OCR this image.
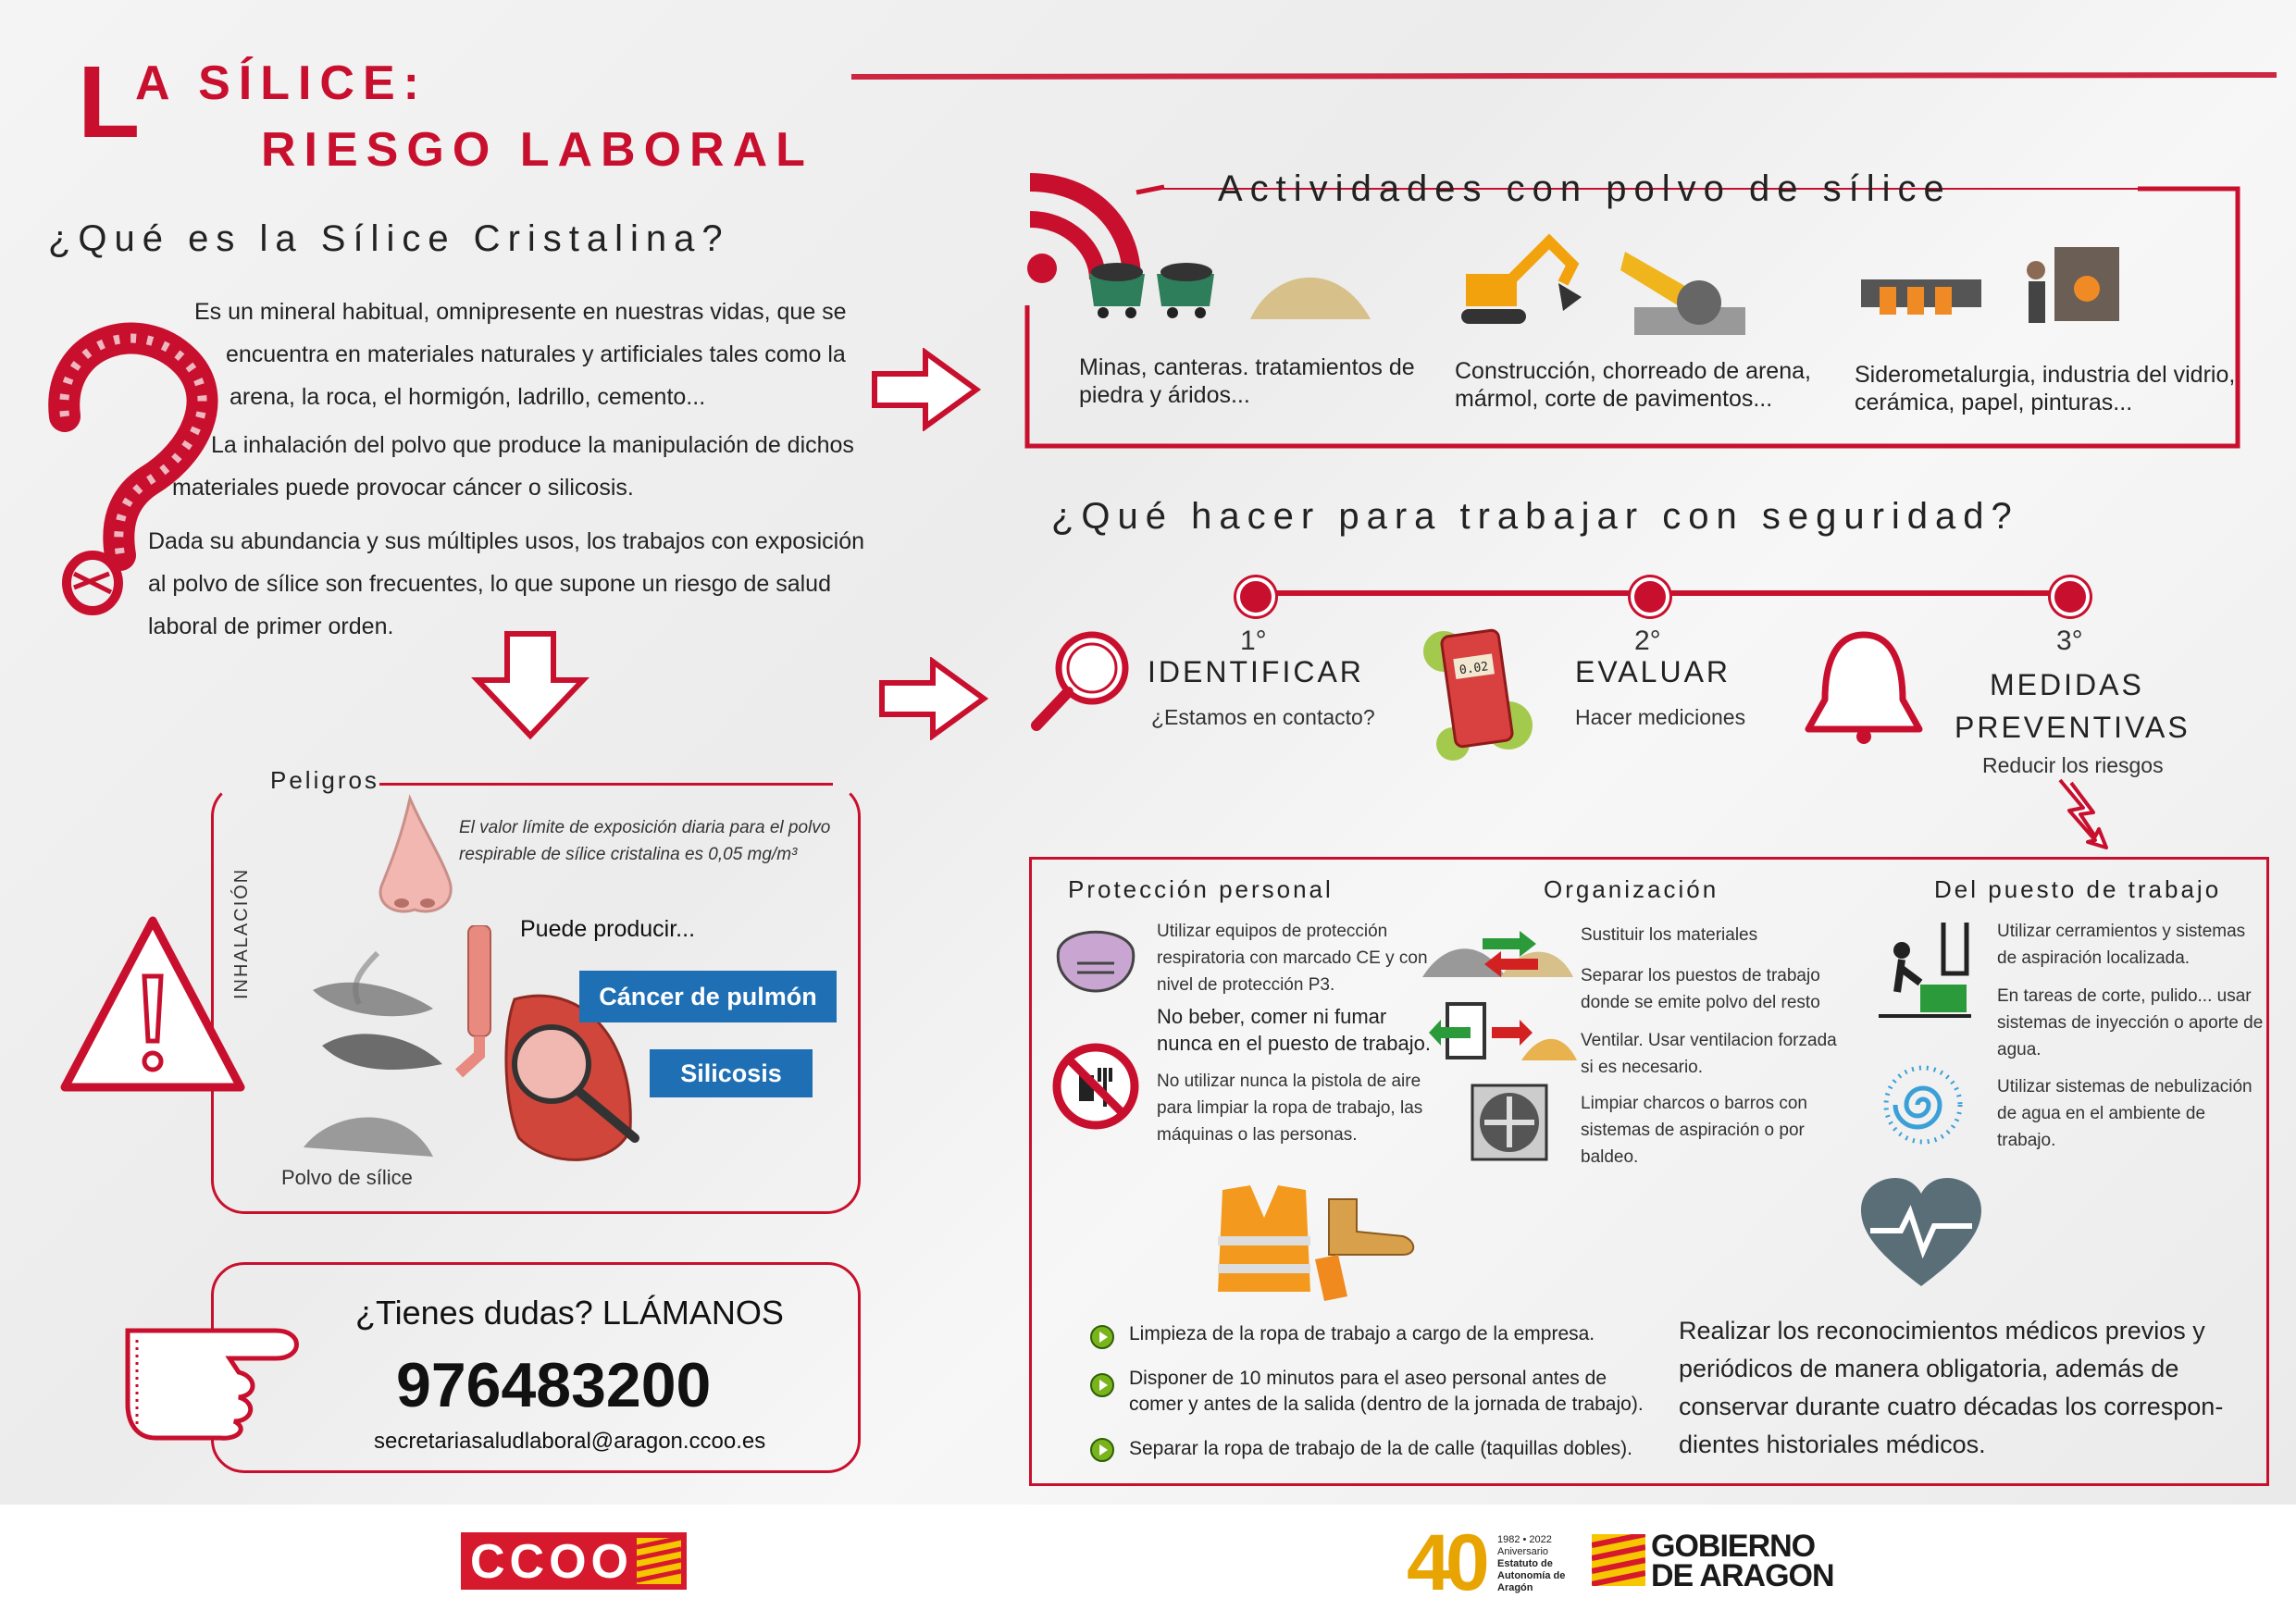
L
A SÍLICE:
RIESGO LABORAL
¿Qué es la Sílice Cristalina?
Es un mineral habitual, omnipresente en nuestras vidas, que se
encuentra en materiales naturales y artificiales tales como la
arena, la roca, el hormigón, ladrillo, cemento...
La inhalación del polvo que produce la manipulación de dichos
materiales puede provocar cáncer o silicosis.
Dada su abundancia y sus múltiples usos, los trabajos con exposición
al polvo de sílice son frecuentes, lo que supone un riesgo de salud
laboral de primer orden.
Peligros
El valor límite de exposición diaria para el polvo
respirable de sílice cristalina es 0,05 mg/m³
INHALACIÓN	Puede producir...
Cáncer de pulmón
Silicosis
Polvo de sílice
¿Tienes dudas? LLÁMANOS
976483200
secretariasaludlaboral@aragon.ccoo.es
Actividades con polvo de sílice
Minas, canteras. tratamientos de
piedra y áridos...
Construcción, chorreado de arena,
mármol, corte de pavimentos...
Siderometalurgia, industria del vidrio,
cerámica, papel, pinturas...
¿Qué hacer para trabajar con seguridad?
1°
IDENTIFICAR
¿Estamos en contacto?
0.02
2°
EVALUAR
Hacer mediciones
3°
MEDIDAS
PREVENTIVAS
Reducir los riesgos
Protección personal	Organización	Del puesto de trabajo
Utilizar equipos de protección
respiratoria con marcado CE y con
nivel de protección P3.
No beber, comer ni fumar
nunca en el puesto de trabajo.
No utilizar nunca la pistola de aire
para limpiar la ropa de trabajo, las
máquinas o las personas.
Sustituir los materiales
Separar los puestos de trabajo
donde se emite polvo del resto
Ventilar. Usar ventilacion forzada
si es necesario.
Limpiar charcos o barros con
sistemas de aspiración o por
baldeo.
Utilizar cerramientos y sistemas
de aspiración localizada.
En tareas de corte, pulido... usar
sistemas de inyección o aporte de
agua.
Utilizar sistemas de nebulización
de agua en el ambiente de
trabajo.
Limpieza de la ropa de trabajo a cargo de la empresa.
Disponer de 10 minutos para el aseo personal antes de
comer y antes de la salida (dentro de la jornada de trabajo).
Separar la ropa de trabajo de la de calle (taquillas dobles).
Realizar los reconocimientos médicos previos y
periódicos de manera obligatoria, además de
conservar durante cuatro décadas los correspon-
dientes historiales médicos.
CCOO	40 1982 • 2022
Aniversario
Estatuto de
Autonomía de
Aragón
GOBIERNO
DE ARAGON
